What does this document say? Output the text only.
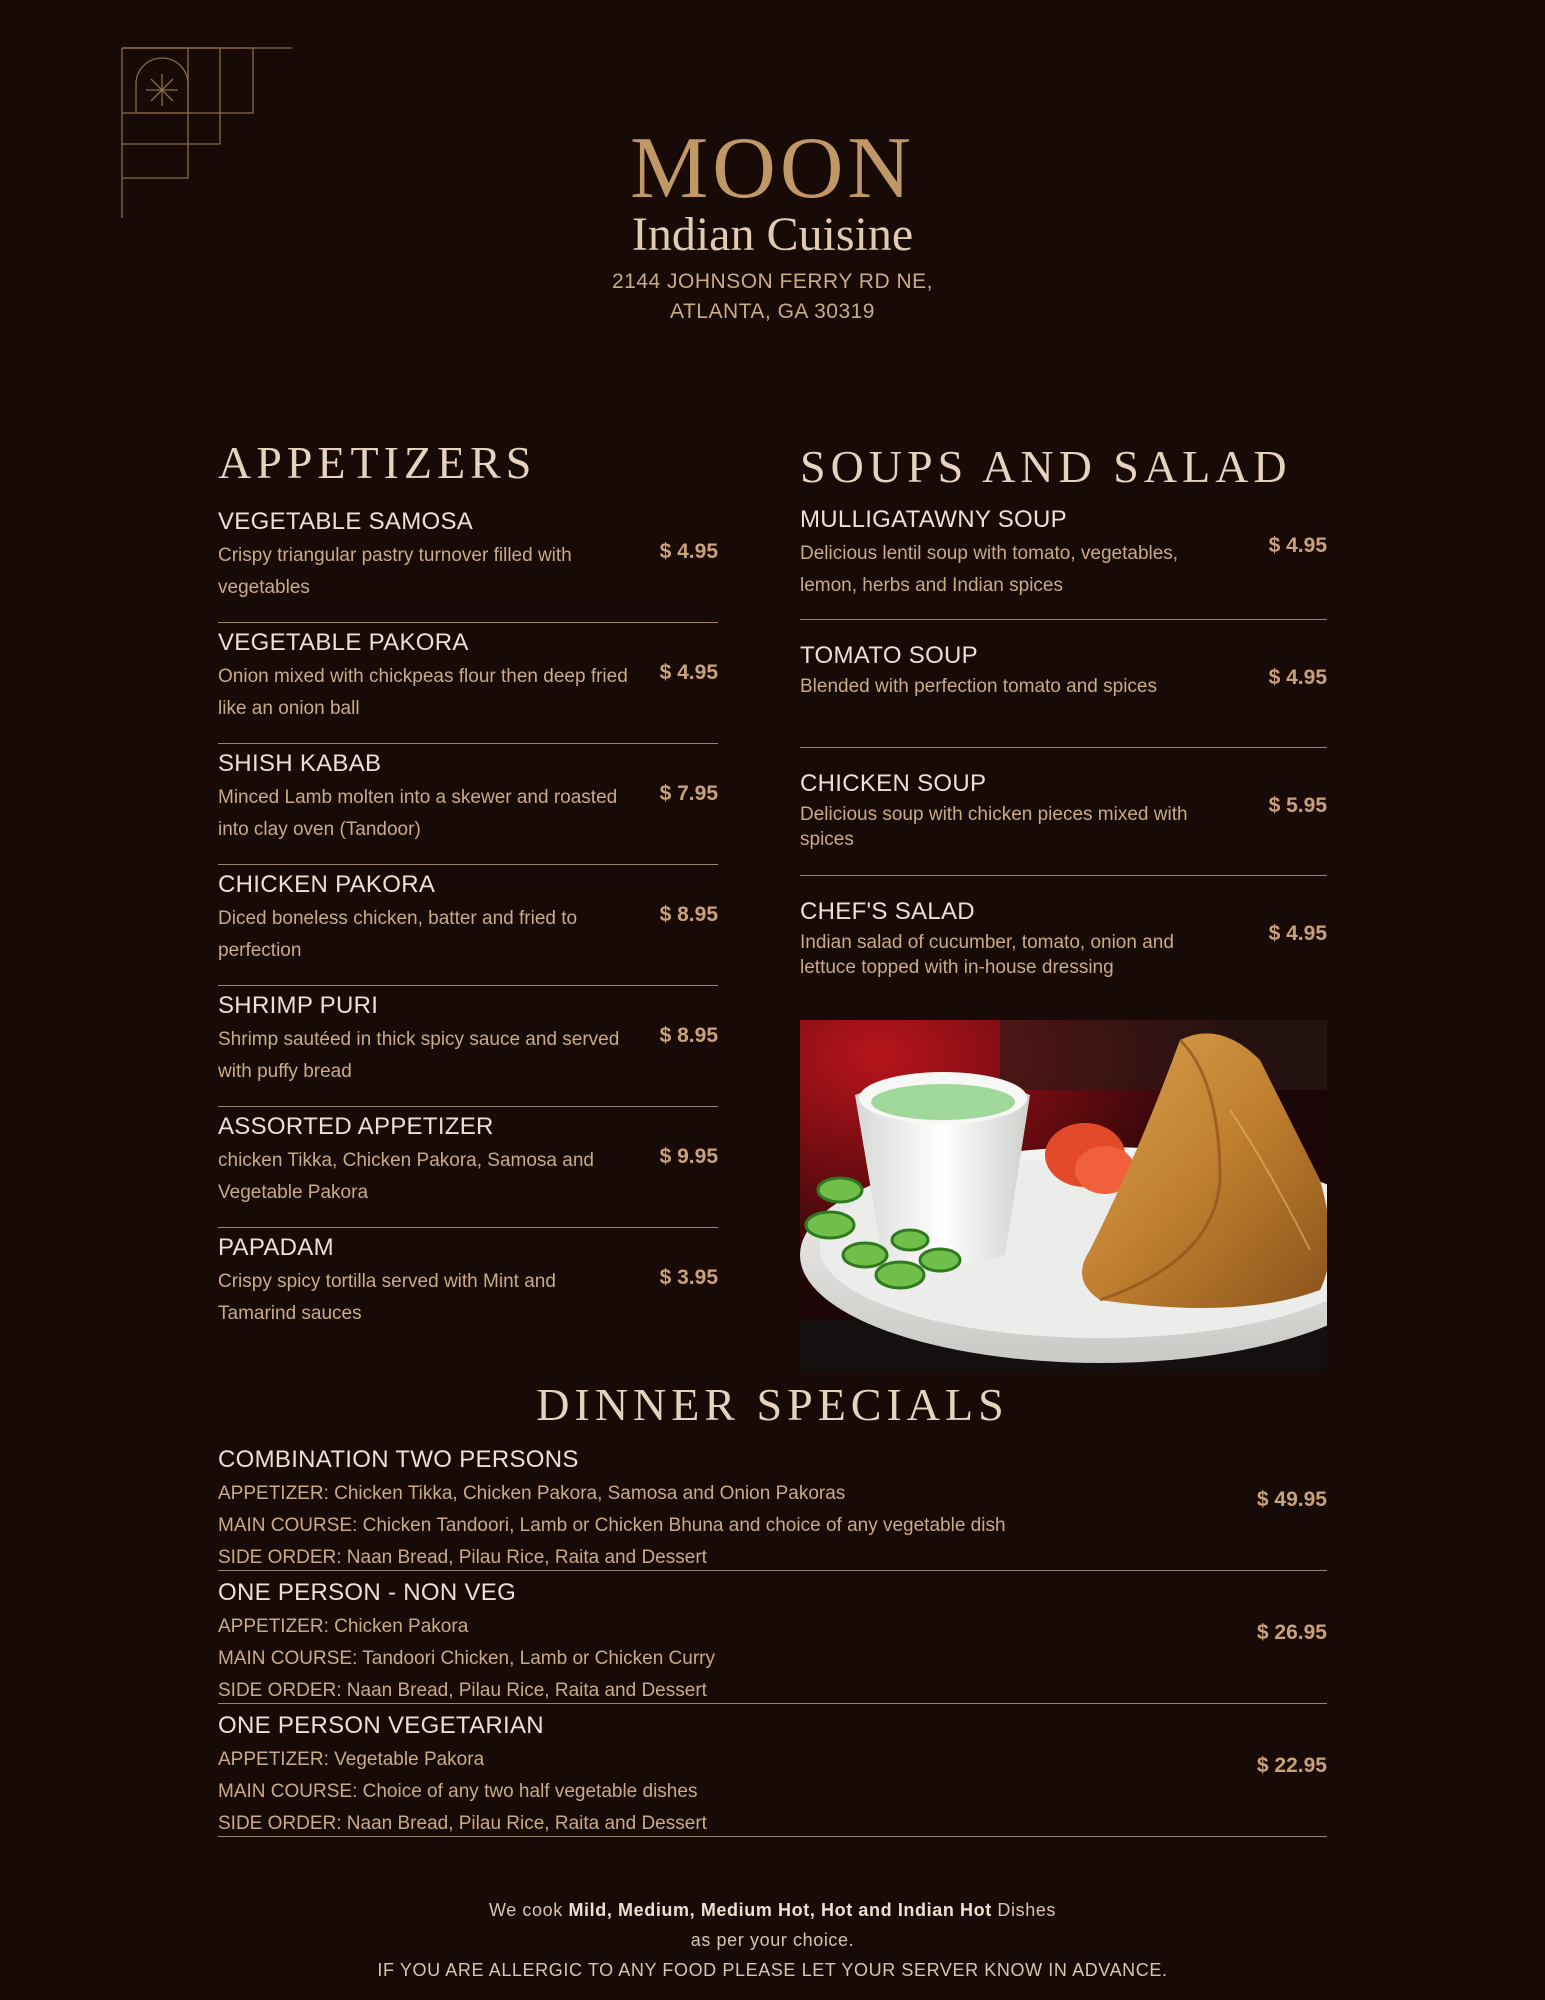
MOON
Indian Cuisine
2144 JOHNSON FERRY RD NE,
ATLANTA, GA 30319
APPETIZERS
VEGETABLE SAMOSA
Crispy triangular pastry turnover filled with vegetables
$ 4.95
VEGETABLE PAKORA
Onion mixed with chickpeas flour then deep fried like an onion ball
$ 4.95
SHISH KABAB
Minced Lamb molten into a skewer and roasted into clay oven (Tandoor)
$ 7.95
CHICKEN PAKORA
Diced boneless chicken, batter and fried to perfection
$ 8.95
SHRIMP PURI
Shrimp sautéed in thick spicy sauce and served with puffy bread
$ 8.95
ASSORTED APPETIZER
chicken Tikka, Chicken Pakora, Samosa and Vegetable Pakora
$ 9.95
PAPADAM
Crispy spicy tortilla served with Mint and Tamarind sauces
$ 3.95
SOUPS AND SALAD
MULLIGATAWNY SOUP
Delicious lentil soup with tomato, vegetables, lemon, herbs and Indian spices
$ 4.95
TOMATO SOUP
Blended with perfection tomato and spices	$ 4.95
CHICKEN SOUP
Delicious soup with chicken pieces mixed with spices
$ 5.95
CHEF'S SALAD
Indian salad of cucumber, tomato, onion and lettuce topped with in-house dressing
$ 4.95
DINNER SPECIALS
COMBINATION TWO PERSONS
APPETIZER: Chicken Tikka, Chicken Pakora, Samosa and Onion Pakoras
MAIN COURSE: Chicken Tandoori, Lamb or Chicken Bhuna and choice of any vegetable dish
SIDE ORDER: Naan Bread, Pilau Rice, Raita and Dessert
$ 49.95
ONE PERSON - NON VEG
APPETIZER: Chicken Pakora
MAIN COURSE: Tandoori Chicken, Lamb or Chicken Curry
SIDE ORDER: Naan Bread, Pilau Rice, Raita and Dessert
$ 26.95
ONE PERSON VEGETARIAN
APPETIZER: Vegetable Pakora
MAIN COURSE: Choice of any two half vegetable dishes
SIDE ORDER: Naan Bread, Pilau Rice, Raita and Dessert
$ 22.95
We cook Mild, Medium, Medium Hot, Hot and Indian Hot Dishes
as per your choice.
IF YOU ARE ALLERGIC TO ANY FOOD PLEASE LET YOUR SERVER KNOW IN ADVANCE.
